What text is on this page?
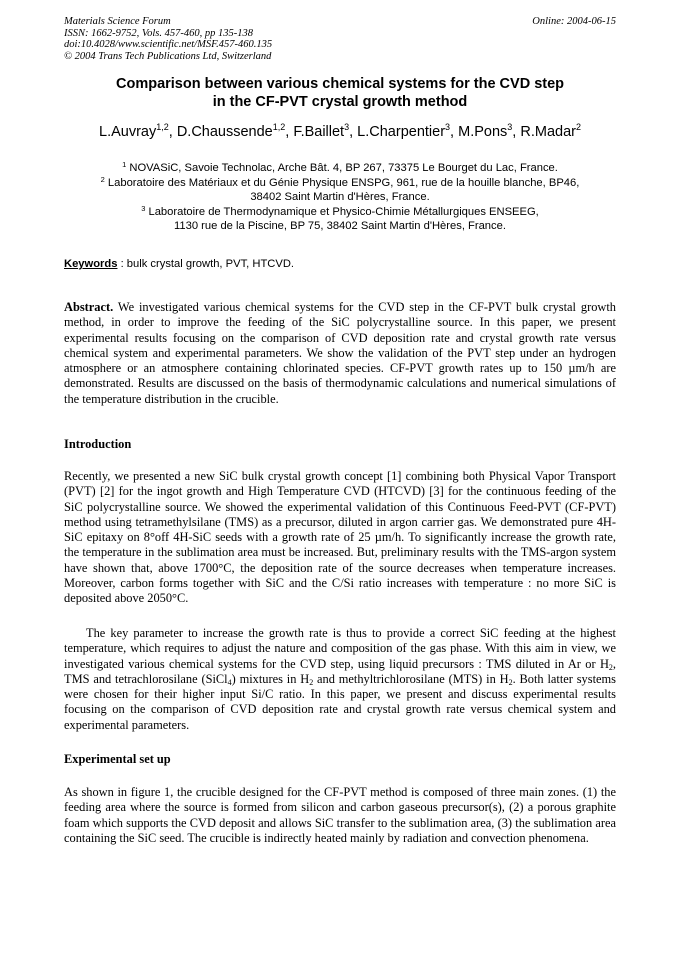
Materials Science Forum
ISSN: 1662-9752, Vols. 457-460, pp 135-138
doi:10.4028/www.scientific.net/MSF.457-460.135
© 2004 Trans Tech Publications Ltd, Switzerland
Online: 2004-06-15
Comparison between various chemical systems for the CVD step
in the CF-PVT crystal growth method
L.Auvray$^{1,2}$, D.Chaussende$^{1,2}$, F.Baillet$^3$, L.Charpentier$^3$, M.Pons$^3$, R.Madar$^2$
$^1$ NOVASiC, Savoie Technolac, Arche Bât. 4, BP 267, 73375 Le Bourget du Lac, France.
$^2$ Laboratoire des Matériaux et du Génie Physique ENSPG, 961, rue de la houille blanche, BP46,
38402 Saint Martin d'Hères, France.
$^3$ Laboratoire de Thermodynamique et Physico-Chimie Métallurgiques ENSEEG,
1130 rue de la Piscine, BP 75, 38402 Saint Martin d'Hères, France.
Keywords : bulk crystal growth, PVT, HTCVD.
Abstract. We investigated various chemical systems for the CVD step in the CF-PVT bulk crystal growth method, in order to improve the feeding of the SiC polycrystalline source. In this paper, we present experimental results focusing on the comparison of CVD deposition rate and crystal growth rate versus chemical system and experimental parameters. We show the validation of the PVT step under an hydrogen atmosphere or an atmosphere containing chlorinated species. CF-PVT growth rates up to 150 µm/h are demonstrated. Results are discussed on the basis of thermodynamic calculations and numerical simulations of the temperature distribution in the crucible.
Introduction
Recently, we presented a new SiC bulk crystal growth concept [1] combining both Physical Vapor Transport (PVT) [2] for the ingot growth and High Temperature CVD (HTCVD) [3] for the continuous feeding of the SiC polycrystalline source. We showed the experimental validation of this Continuous Feed-PVT (CF-PVT) method using tetramethylsilane (TMS) as a precursor, diluted in argon carrier gas. We demonstrated pure 4H-SiC epitaxy on 8°off 4H-SiC seeds with a growth rate of 25 µm/h. To significantly increase the growth rate, the temperature in the sublimation area must be increased. But, preliminary results with the TMS-argon system have shown that, above 1700°C, the deposition rate of the source decreases when temperature increases. Moreover, carbon forms together with SiC and the C/Si ratio increases with temperature : no more SiC is deposited above 2050°C.
The key parameter to increase the growth rate is thus to provide a correct SiC feeding at the highest temperature, which requires to adjust the nature and composition of the gas phase. With this aim in view, we investigated various chemical systems for the CVD step, using liquid precursors : TMS diluted in Ar or $H_2$, TMS and tetrachlorosilane (SiCl$_4$) mixtures in $H_2$ and methyltrichlorosilane (MTS) in $H_2$. Both latter systems were chosen for their higher input Si/C ratio. In this paper, we present and discuss experimental results focusing on the comparison of CVD deposition rate and crystal growth rate versus chemical system and experimental parameters.
Experimental set up
As shown in figure 1, the crucible designed for the CF-PVT method is composed of three main zones. (1) the feeding area where the source is formed from silicon and carbon gaseous precursor(s), (2) a porous graphite foam which supports the CVD deposit and allows SiC transfer to the sublimation area, (3) the sublimation area containing the SiC seed. The crucible is indirectly heated mainly by radiation and convection phenomena.
